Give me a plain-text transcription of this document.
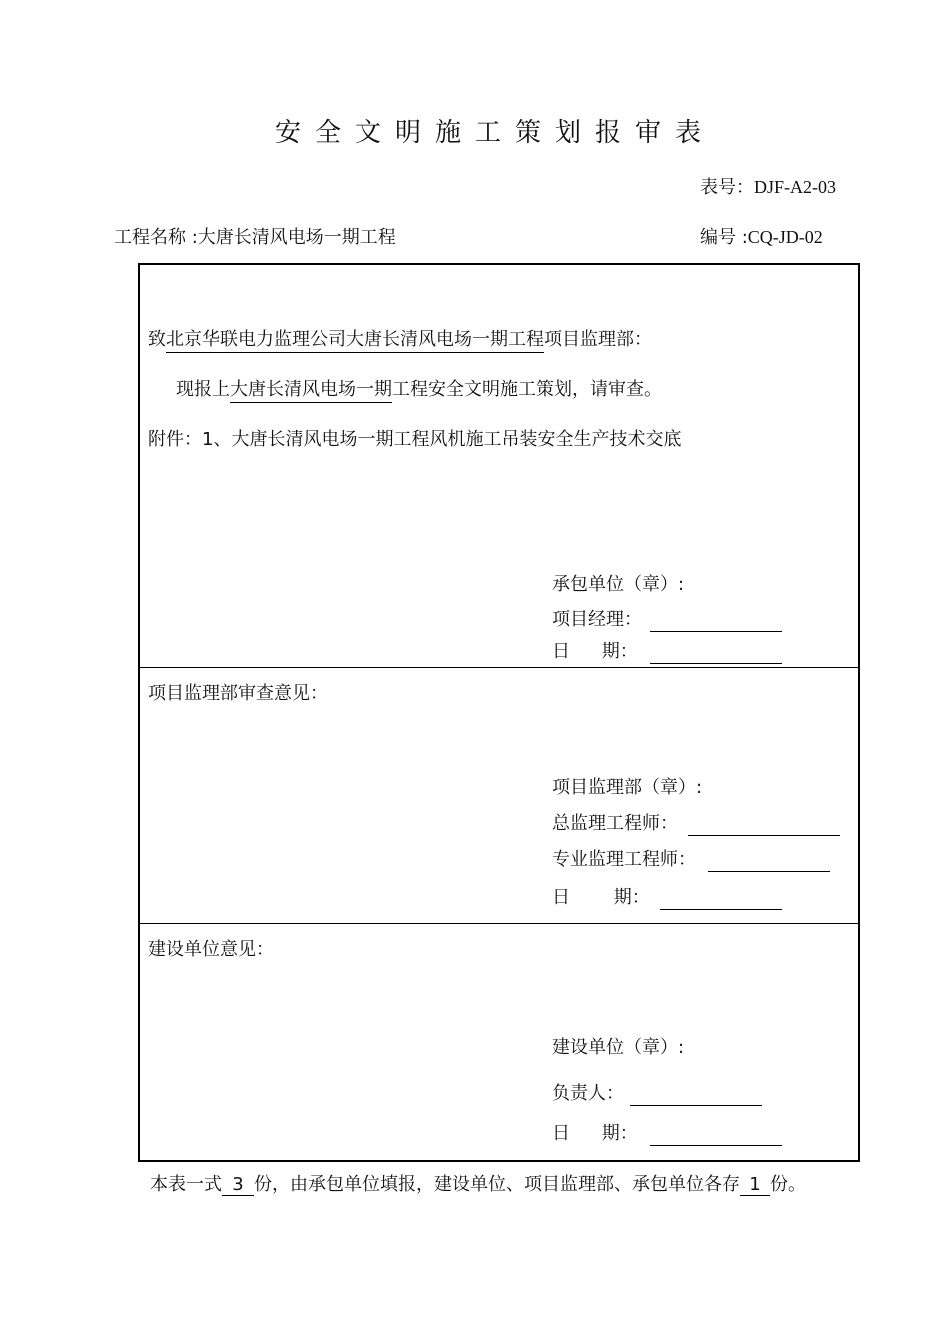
安全文明施工策划报审表
表号：DJF-A2-03
工程名称 :大唐长清风电场一期工程	编号 :CQ-JD-02
致北京华联电力监理公司大唐长清风电场一期工程项目监理部：
现报上大唐长清风电场一期工程安全文明施工策划，请审查。
附件：1、大唐长清风电场一期工程风机施工吊装安全生产技术交底
承包单位（章）:
项目经理：
日 期：
项目监理部审查意见：
项目监理部（章）:
总监理工程师：
专业监理工程师：
日 期：
建设单位意见：
建设单位（章）:
负责人：
日 期：
本表一式 3 份，由承包单位填报，建设单位、项目监理部、承包单位各存 1 份。
